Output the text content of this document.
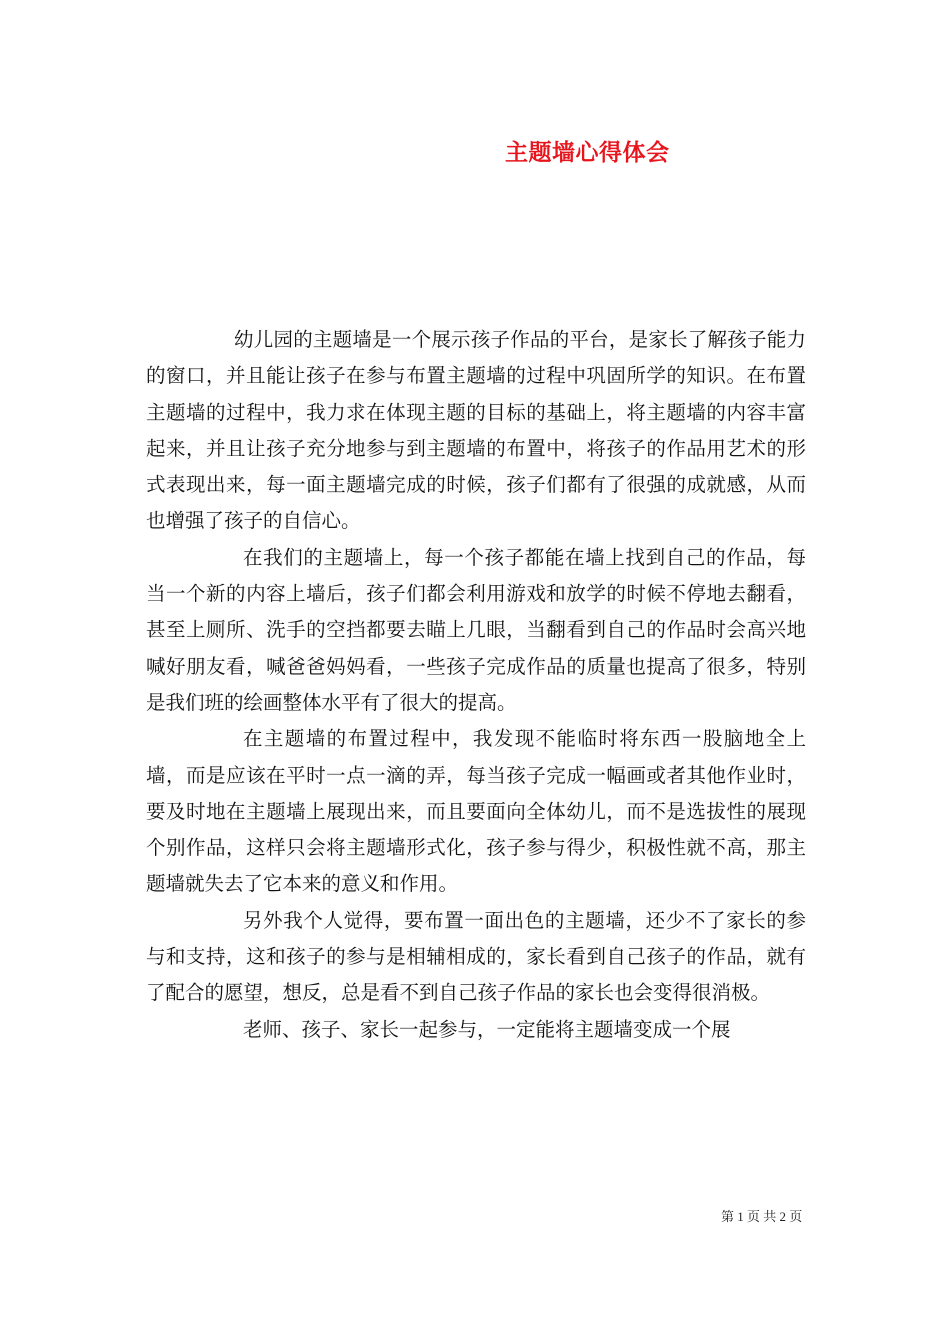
主题墙心得体会

幼儿园的主题墙是一个展示孩子作品的平台，是家长了解孩子能力的窗口，并且能让孩子在参与布置主题墙的过程中巩固所学的知识。在布置主题墙的过程中，我力求在体现主题的目标的基础上，将主题墙的内容丰富起来，并且让孩子充分地参与到主题墙的布置中，将孩子的作品用艺术的形式表现出来，每一面主题墙完成的时候，孩子们都有了很强的成就感，从而也增强了孩子的自信心。

在我们的主题墙上，每一个孩子都能在墙上找到自己的作品，每当一个新的内容上墙后，孩子们都会利用游戏和放学的时候不停地去翻看，甚至上厕所、洗手的空挡都要去瞄上几眼，当翻看到自己的作品时会高兴地喊好朋友看，喊爸爸妈妈看，一些孩子完成作品的质量也提高了很多，特别是我们班的绘画整体水平有了很大的提高。

在主题墙的布置过程中，我发现不能临时将东西一股脑地全上墙，而是应该在平时一点一滴的弄，每当孩子完成一幅画或者其他作业时，要及时地在主题墙上展现出来，而且要面向全体幼儿，而不是选拔性的展现个别作品，这样只会将主题墙形式化，孩子参与得少，积极性就不高，那主题墙就失去了它本来的意义和作用。

另外我个人觉得，要布置一面出色的主题墙，还少不了家长的参与和支持，这和孩子的参与是相辅相成的，家长看到自己孩子的作品，就有了配合的愿望，想反，总是看不到自己孩子作品的家长也会变得很消极。

老师、孩子、家长一起参与，一定能将主题墙变成一个展

第 1 页 共 2 页
